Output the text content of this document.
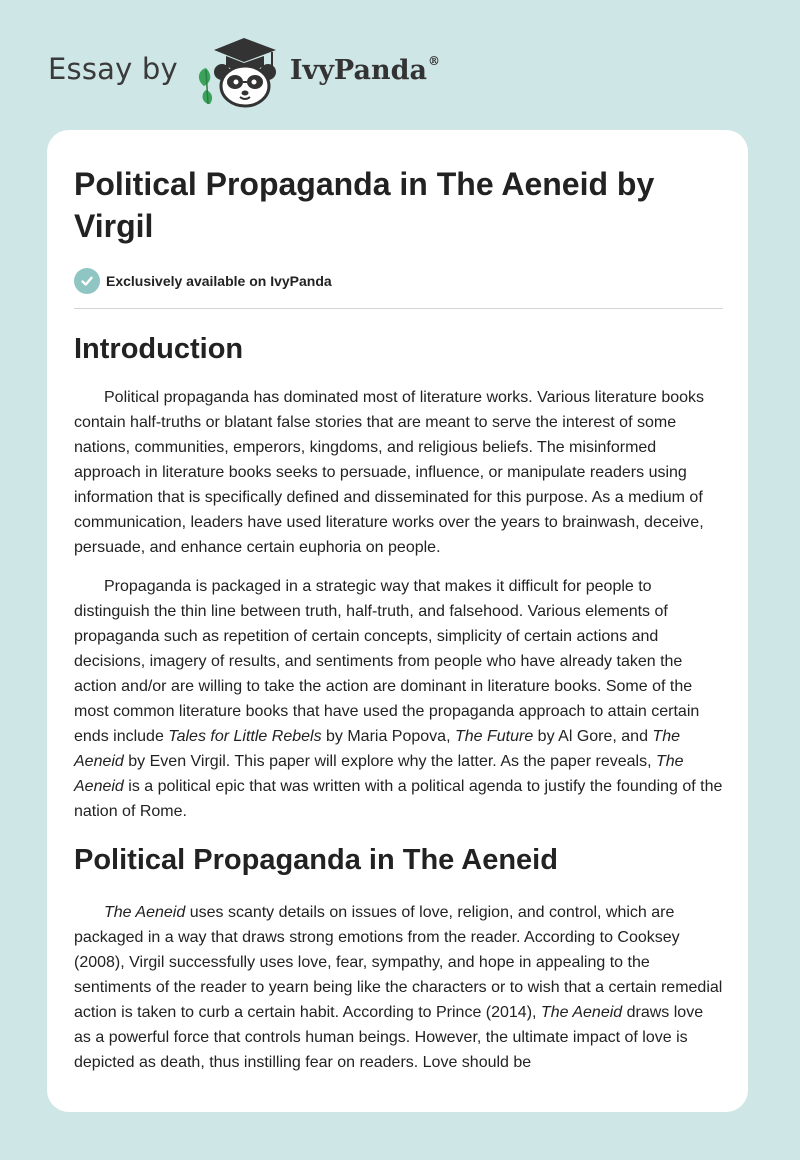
Essay by	IvyPanda®
Political Propaganda in The Aeneid by Virgil
Exclusively available on IvyPanda
Introduction

Political propaganda has dominated most of literature works. Various literature books contain half-truths or blatant false stories that are meant to serve the interest of some nations, communities, emperors, kingdoms, and religious beliefs. The misinformed approach in literature books seeks to persuade, influence, or manipulate readers using information that is specifically defined and disseminated for this purpose. As a medium of communication, leaders have used literature works over the years to brainwash, deceive, persuade, and enhance certain euphoria on people.

Propaganda is packaged in a strategic way that makes it difficult for people to distinguish the thin line between truth, half-truth, and falsehood. Various elements of propaganda such as repetition of certain concepts, simplicity of certain actions and decisions, imagery of results, and sentiments from people who have already taken the action and/or are willing to take the action are dominant in literature books. Some of the most common literature books that have used the propaganda approach to attain certain ends include Tales for Little Rebels by Maria Popova, The Future by Al Gore, and The Aeneid by Even Virgil. This paper will explore why the latter. As the paper reveals, The Aeneid is a political epic that was written with a political agenda to justify the founding of the nation of Rome.

Political Propaganda in The Aeneid

The Aeneid uses scanty details on issues of love, religion, and control, which are packaged in a way that draws strong emotions from the reader. According to Cooksey (2008), Virgil successfully uses love, fear, sympathy, and hope in appealing to the sentiments of the reader to yearn being like the characters or to wish that a certain remedial action is taken to curb a certain habit. According to Prince (2014), The Aeneid draws love as a powerful force that controls human beings. However, the ultimate impact of love is depicted as death, thus instilling fear on readers. Love should be
